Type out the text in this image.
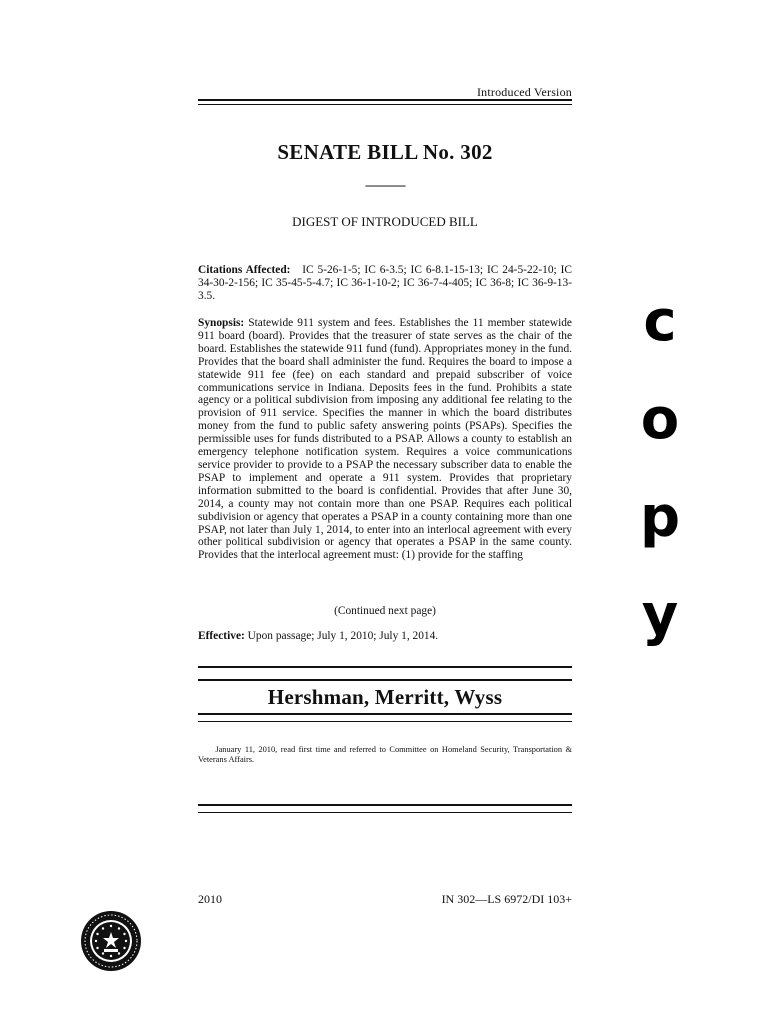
Introduced Version
SENATE BILL No. 302
———
DIGEST OF INTRODUCED BILL
Citations Affected: IC 5-26-1-5; IC 6-3.5; IC 6-8.1-15-13; IC 24-5-22-10; IC 34-30-2-156; IC 35-45-5-4.7; IC 36-1-10-2; IC 36-7-4-405; IC 36-8; IC 36-9-13-3.5.
Synopsis: Statewide 911 system and fees. Establishes the 11 member statewide 911 board (board). Provides that the treasurer of state serves as the chair of the board. Establishes the statewide 911 fund (fund). Appropriates money in the fund. Provides that the board shall administer the fund. Requires the board to impose a statewide 911 fee (fee) on each standard and prepaid subscriber of voice communications service in Indiana. Deposits fees in the fund. Prohibits a state agency or a political subdivision from imposing any additional fee relating to the provision of 911 service. Specifies the manner in which the board distributes money from the fund to public safety answering points (PSAPs). Specifies the permissible uses for funds distributed to a PSAP. Allows a county to establish an emergency telephone notification system. Requires a voice communications service provider to provide to a PSAP the necessary subscriber data to enable the PSAP to implement and operate a 911 system. Provides that proprietary information submitted to the board is confidential. Provides that after June 30, 2014, a county may not contain more than one PSAP. Requires each political subdivision or agency that operates a PSAP in a county containing more than one PSAP, not later than July 1, 2014, to enter into an interlocal agreement with every other political subdivision or agency that operates a PSAP in the same county. Provides that the interlocal agreement must: (1) provide for the staffing
(Continued next page)
Effective: Upon passage; July 1, 2010; July 1, 2014.
Hershman, Merritt, Wyss
January 11, 2010, read first time and referred to Committee on Homeland Security, Transportation & Veterans Affairs.
2010	IN 302—LS 6972/DI 103+
c
o
p
y
